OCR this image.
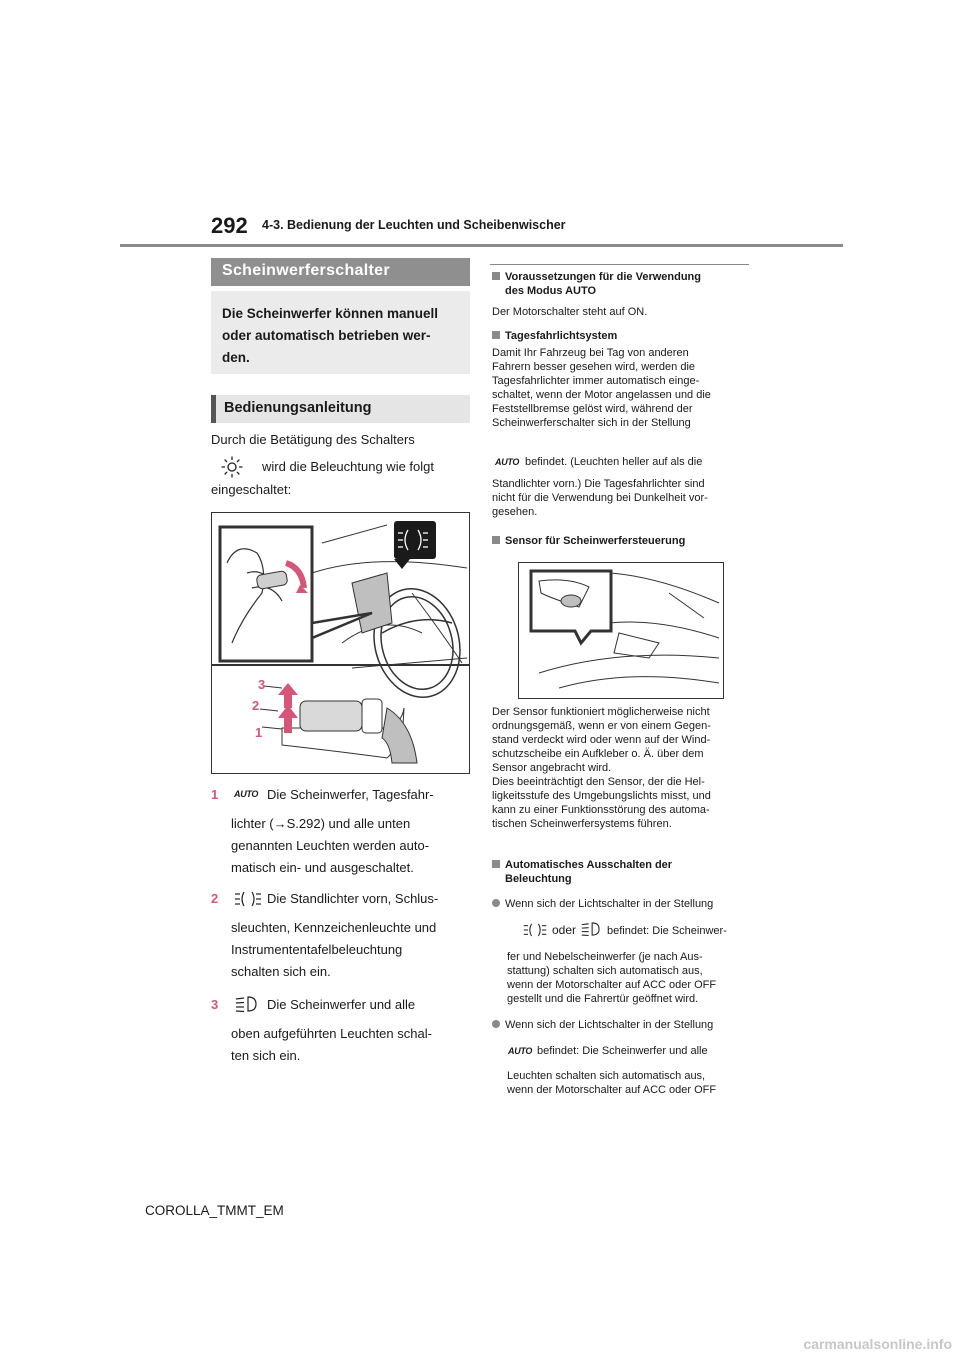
292 4-3. Bedienung der Leuchten und Scheibenwischer
Scheinwerferschalter

Die Scheinwerfer können manuell
oder automatisch betrieben wer-
den.

Bedienungsanleitung
Durch die Betätigung des Schalters
wird die Beleuchtung wie folgt
eingeschaltet:
3
2
1
1 AUTO Die Scheinwerfer, Tagesfahr-
lichter (→S.292) und alle unten
genannten Leuchten werden auto-
matisch ein- und ausgeschaltet.
2	Die Standlichter vorn, Schlus-
sleuchten, Kennzeichenleuchte und
Instrumententafelbeleuchtung
schalten sich ein.
3	Die Scheinwerfer und alle
oben aufgeführten Leuchten schal-
ten sich ein.
Voraussetzungen für die Verwendung
des Modus AUTO
Der Motorschalter steht auf ON.
Tagesfahrlichtsystem
Damit Ihr Fahrzeug bei Tag von anderen
Fahrern besser gesehen wird, werden die
Tagesfahrlichter immer automatisch einge-
schaltet, wenn der Motor angelassen und die
Feststellbremse gelöst wird, während der
Scheinwerferschalter sich in der Stellung
AUTO befindet. (Leuchten heller auf als die
Standlichter vorn.) Die Tagesfahrlichter sind
nicht für die Verwendung bei Dunkelheit vor-
gesehen.
Sensor für Scheinwerfersteuerung
Der Sensor funktioniert möglicherweise nicht
ordnungsgemäß, wenn er von einem Gegen-
stand verdeckt wird oder wenn auf der Wind-
schutzscheibe ein Aufkleber o. Ä. über dem
Sensor angebracht wird.
Dies beeinträchtigt den Sensor, der die Hel-
ligkeitsstufe des Umgebungslichts misst, und
kann zu einer Funktionsstörung des automa-
tischen Scheinwerfersystems führen.
Automatisches Ausschalten der
Beleuchtung
Wenn sich der Lichtschalter in der Stellung
oder	befindet: Die Scheinwer-
fer und Nebelscheinwerfer (je nach Aus-
stattung) schalten sich automatisch aus,
wenn der Motorschalter auf ACC oder OFF
gestellt und die Fahrertür geöffnet wird.
Wenn sich der Lichtschalter in der Stellung
AUTO befindet: Die Scheinwerfer und alle
Leuchten schalten sich automatisch aus,
wenn der Motorschalter auf ACC oder OFF
COROLLA_TMMT_EM
carmanualsonline.info
